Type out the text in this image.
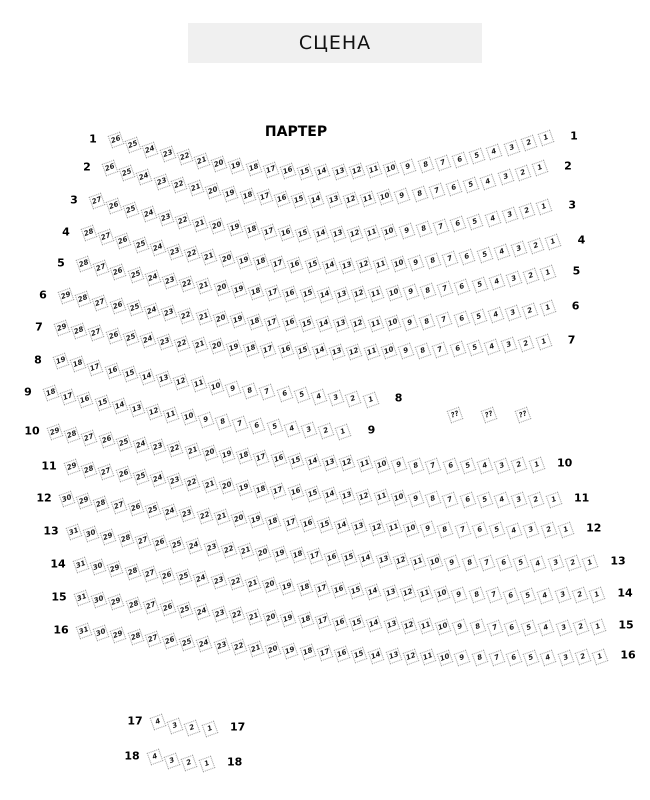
СЦЕНА
ПАРТЕР
26 25 24 23 22 21 20 19 18 17 16 15 14 13 12 11 10	9	8	7	6	5	4	3
2
1
1	1
26 25 24 23 22 21 20 19 18 17 16 15 14 13 12 11 10	9	8	7	6	5	4	3	2
1
2	2
27 26 25 24 23 22 21 20 19 18 17 16 15 14 13 12 11 10	9	8	7	6	5	4	3	2	1
3	3
28 27 26 25 24 23 22 21 20 19 18 17 16 15 14 13 12 11 10	9	8	7	6	5	4	3	2	1
4
4
28 27 26 25 24 23 22 21 20 19 18 17 16 15 14 13 12 11 10	9	8	7	6	5	4	3	2	1
5
5
29 28 27 26 25 24 23 22 21 20 19 18 17 16 15 14 13 12 11 10	9	8	7	6	5	4	3	2	1
6
6
29 28 27 26 25 24 23 22 21 20 19 18 17 16 15 14 13 12 11 10	9	8	7	6	5	4	3	2	1
7
7
19 18 17 16 15 14 13 12 11 10	9	8	7	6	5	4	3	2	1
8
8
18 17 16 15 14 13 12 11 10	9	8	7	6	5	4	3	2	1
9
9
29 28 27 26 25 24 23 22 21 20 19 18 17 16 15 14 13 12 11 10	9	8	7	6	5	4	3	2	1
10
10
29 28 27 26 25 24 23 22 21 20 19 18 17 16 15 14 13 12 11 10	9	8	7	6	5	4	3	2	1
11
11
30 29 28 27 26 25 24 23 22 21 20 19 18 17 16 15 14 13 12 11 10	9	8	7	6	5	4	3	2	1
12
12
31 30 29 28 27 26 25 24 23 22 21 20 19 18 17 16 15 14 13 12 11 10	9	8	7	6	5	4	3	2	1
13
13
31 30 29 28 27 26 25 24 23 22 21 20 19 18 17 16 15 14 13 12 11 10	9	8	7	6	5	4	3	2	1
14
14
31 30 29 28 27 26 25 24 23 22 21 20 19 18 17 16 15 14 13 12 11 10	9	8	7	6	5	4	3	2	1
15
15
31 30 29 28 27 26 25 24 23 22 21 20 19 18 17 16 15 14 13 12 11 10	9	8	7	6	5	4	3	2	1
16
16
4	3	2	1
17	17
4	3	2	1
18	18
??	??	??
